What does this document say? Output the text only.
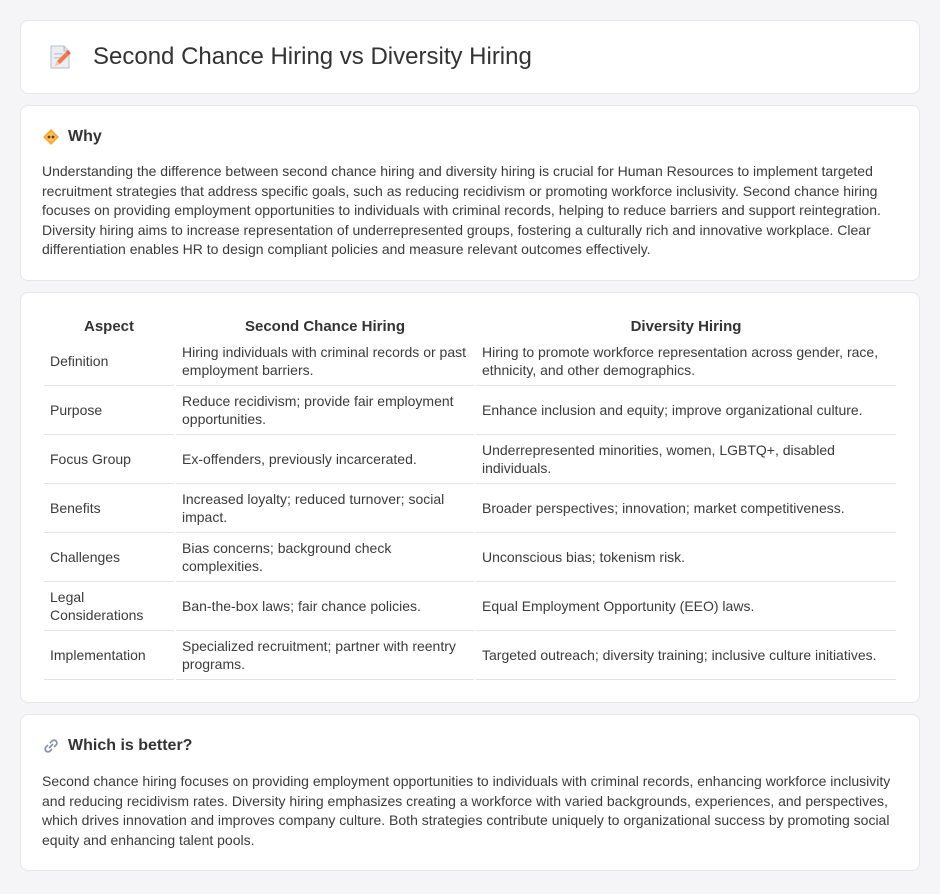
Second Chance Hiring vs Diversity Hiring
Why

Understanding the difference between second chance hiring and diversity hiring is crucial for Human Resources to implement targeted recruitment strategies that address specific goals, such as reducing recidivism or promoting workforce inclusivity. Second chance hiring focuses on providing employment opportunities to individuals with criminal records, helping to reduce barriers and support reintegration. Diversity hiring aims to increase representation of underrepresented groups, fostering a culturally rich and innovative workplace. Clear differentiation enables HR to design compliant policies and measure relevant outcomes effectively.

Aspect	Second Chance Hiring	Diversity Hiring
Definition	Hiring individuals with criminal records or past employment barriers.	Hiring to promote workforce representation across gender, race, ethnicity, and other demographics.
Purpose	Reduce recidivism; provide fair employment opportunities.	Enhance inclusion and equity; improve organizational culture.
Focus Group	Ex-offenders, previously incarcerated.	Underrepresented minorities, women, LGBTQ+, disabled individuals.
Benefits	Increased loyalty; reduced turnover; social impact.	Broader perspectives; innovation; market competitiveness.
Challenges	Bias concerns; background check complexities.	Unconscious bias; tokenism risk.
Legal Considerations	Ban-the-box laws; fair chance policies.	Equal Employment Opportunity (EEO) laws.
Implementation	Specialized recruitment; partner with reentry programs.	Targeted outreach; diversity training; inclusive culture initiatives.
Which is better?

Second chance hiring focuses on providing employment opportunities to individuals with criminal records, enhancing workforce inclusivity and reducing recidivism rates. Diversity hiring emphasizes creating a workforce with varied backgrounds, experiences, and perspectives, which drives innovation and improves company culture. Both strategies contribute uniquely to organizational success by promoting social equity and enhancing talent pools.
